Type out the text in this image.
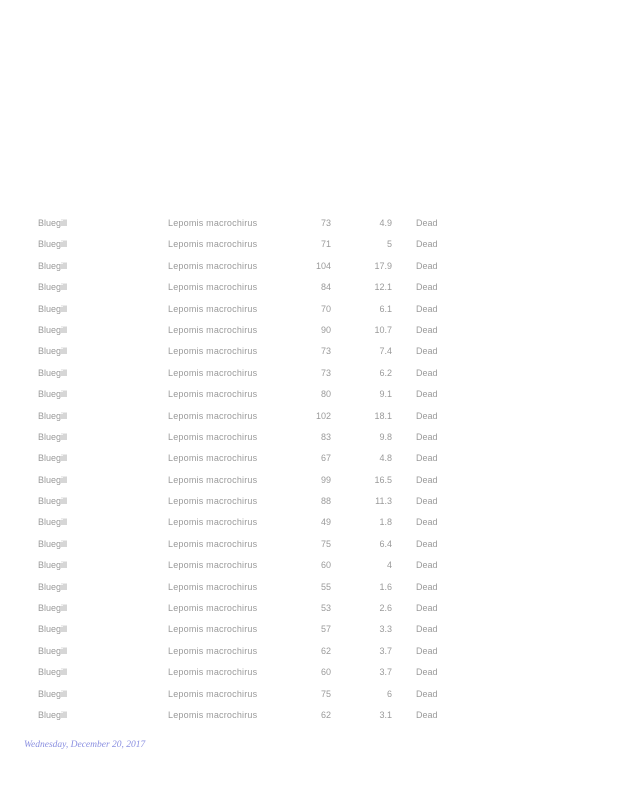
Bluegill	Lepomis macrochirus	73	4.9	Dead
Bluegill	Lepomis macrochirus	71	5	Dead
Bluegill	Lepomis macrochirus	104	17.9	Dead
Bluegill	Lepomis macrochirus	84	12.1	Dead
Bluegill	Lepomis macrochirus	70	6.1	Dead
Bluegill	Lepomis macrochirus	90	10.7	Dead
Bluegill	Lepomis macrochirus	73	7.4	Dead
Bluegill	Lepomis macrochirus	73	6.2	Dead
Bluegill	Lepomis macrochirus	80	9.1	Dead
Bluegill	Lepomis macrochirus	102	18.1	Dead
Bluegill	Lepomis macrochirus	83	9.8	Dead
Bluegill	Lepomis macrochirus	67	4.8	Dead
Bluegill	Lepomis macrochirus	99	16.5	Dead
Bluegill	Lepomis macrochirus	88	11.3	Dead
Bluegill	Lepomis macrochirus	49	1.8	Dead
Bluegill	Lepomis macrochirus	75	6.4	Dead
Bluegill	Lepomis macrochirus	60	4	Dead
Bluegill	Lepomis macrochirus	55	1.6	Dead
Bluegill	Lepomis macrochirus	53	2.6	Dead
Bluegill	Lepomis macrochirus	57	3.3	Dead
Bluegill	Lepomis macrochirus	62	3.7	Dead
Bluegill	Lepomis macrochirus	60	3.7	Dead
Bluegill	Lepomis macrochirus	75	6	Dead
Bluegill	Lepomis macrochirus	62	3.1	Dead
Wednesday, December 20, 2017
